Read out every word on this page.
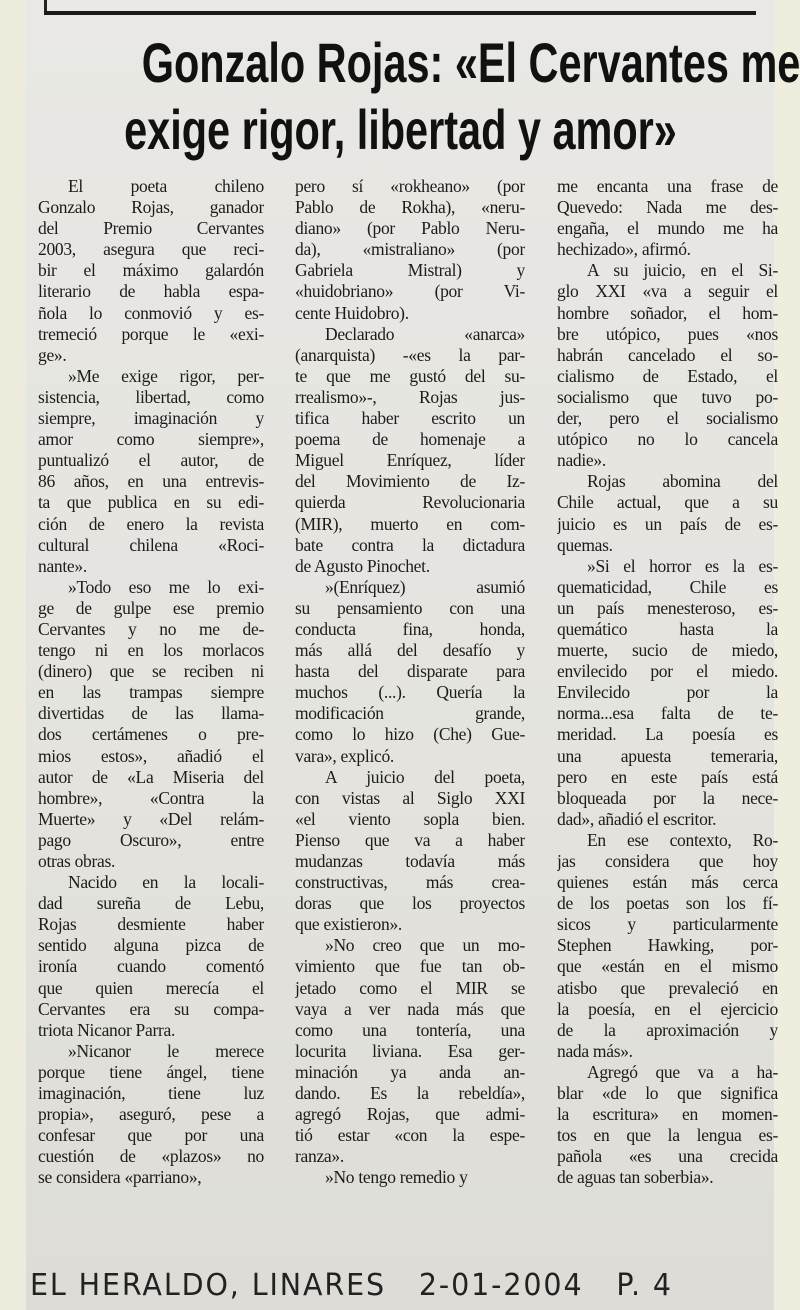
Gonzalo Rojas: «El Cervantes me
exige rigor, libertad y amor»
El poeta chileno
Gonzalo Rojas, ganador
del Premio Cervantes
2003, asegura que reci-
bir el máximo galardón
literario de habla espa-
ñola lo conmovió y es-
tremeció porque le «exi-
ge».
»Me exige rigor, per-
sistencia, libertad, como
siempre, imaginación y
amor como siempre»,
puntualizó el autor, de
86 años, en una entrevis-
ta que publica en su edi-
ción de enero la revista
cultural chilena «Roci-
nante».
»Todo eso me lo exi-
ge de gulpe ese premio
Cervantes y no me de-
tengo ni en los morlacos
(dinero) que se reciben ni
en las trampas siempre
divertidas de las llama-
dos certámenes o pre-
mios estos», añadió el
autor de «La Miseria del
hombre», «Contra la
Muerte» y «Del relám-
pago Oscuro», entre
otras obras.
Nacido en la locali-
dad sureña de Lebu,
Rojas desmiente haber
sentido alguna pizca de
ironía cuando comentó
que quien merecía el
Cervantes era su compa-
triota Nicanor Parra.
»Nicanor le merece
porque tiene ángel, tiene
imaginación, tiene luz
propia», aseguró, pese a
confesar que por una
cuestión de «plazos» no
se considera «parriano»,
pero sí «rokheano» (por
Pablo de Rokha), «neru-
diano» (por Pablo Neru-
da), «mistraliano» (por
Gabriela Mistral) y
«huidobriano» (por Vi-
cente Huidobro).
Declarado «anarca»
(anarquista) -«es la par-
te que me gustó del su-
rrealismo»-, Rojas jus-
tifica haber escrito un
poema de homenaje a
Miguel Enríquez, líder
del Movimiento de Iz-
quierda Revolucionaria
(MIR), muerto en com-
bate contra la dictadura
de Agusto Pinochet.
»(Enríquez) asumió
su pensamiento con una
conducta fina, honda,
más allá del desafío y
hasta del disparate para
muchos (...). Quería la
modificación grande,
como lo hizo (Che) Gue-
vara», explicó.
A juicio del poeta,
con vistas al Siglo XXI
«el viento sopla bien.
Pienso que va a haber
mudanzas todavía más
constructivas, más crea-
doras que los proyectos
que existieron».
»No creo que un mo-
vimiento que fue tan ob-
jetado como el MIR se
vaya a ver nada más que
como una tontería, una
locurita liviana. Esa ger-
minación ya anda an-
dando. Es la rebeldía»,
agregó Rojas, que admi-
tió estar «con la espe-
ranza».
»No tengo remedio y
me encanta una frase de
Quevedo: Nada me des-
engaña, el mundo me ha
hechizado», afirmó.
A su juicio, en el Si-
glo XXI «va a seguir el
hombre soñador, el hom-
bre utópico, pues «nos
habrán cancelado el so-
cialismo de Estado, el
socialismo que tuvo po-
der, pero el socialismo
utópico no lo cancela
nadie».
Rojas abomina del
Chile actual, que a su
juicio es un país de es-
quemas.
»Si el horror es la es-
quematicidad, Chile es
un país menesteroso, es-
quemático hasta la
muerte, sucio de miedo,
envilecido por el miedo.
Envilecido por la
norma...esa falta de te-
meridad. La poesía es
una apuesta temeraria,
pero en este país está
bloqueada por la nece-
dad», añadió el escritor.
En ese contexto, Ro-
jas considera que hoy
quienes están más cerca
de los poetas son los fí-
sicos y particularmente
Stephen Hawking, por-
que «están en el mismo
atisbo que prevaleció en
la poesía, en el ejercicio
de la aproximación y
nada más».
Agregó que va a ha-
blar «de lo que significa
la escritura» en momen-
tos en que la lengua es-
pañola «es una crecida
de aguas tan soberbia».
EL HERALDO, LINARES   2-01-2004   P. 4
